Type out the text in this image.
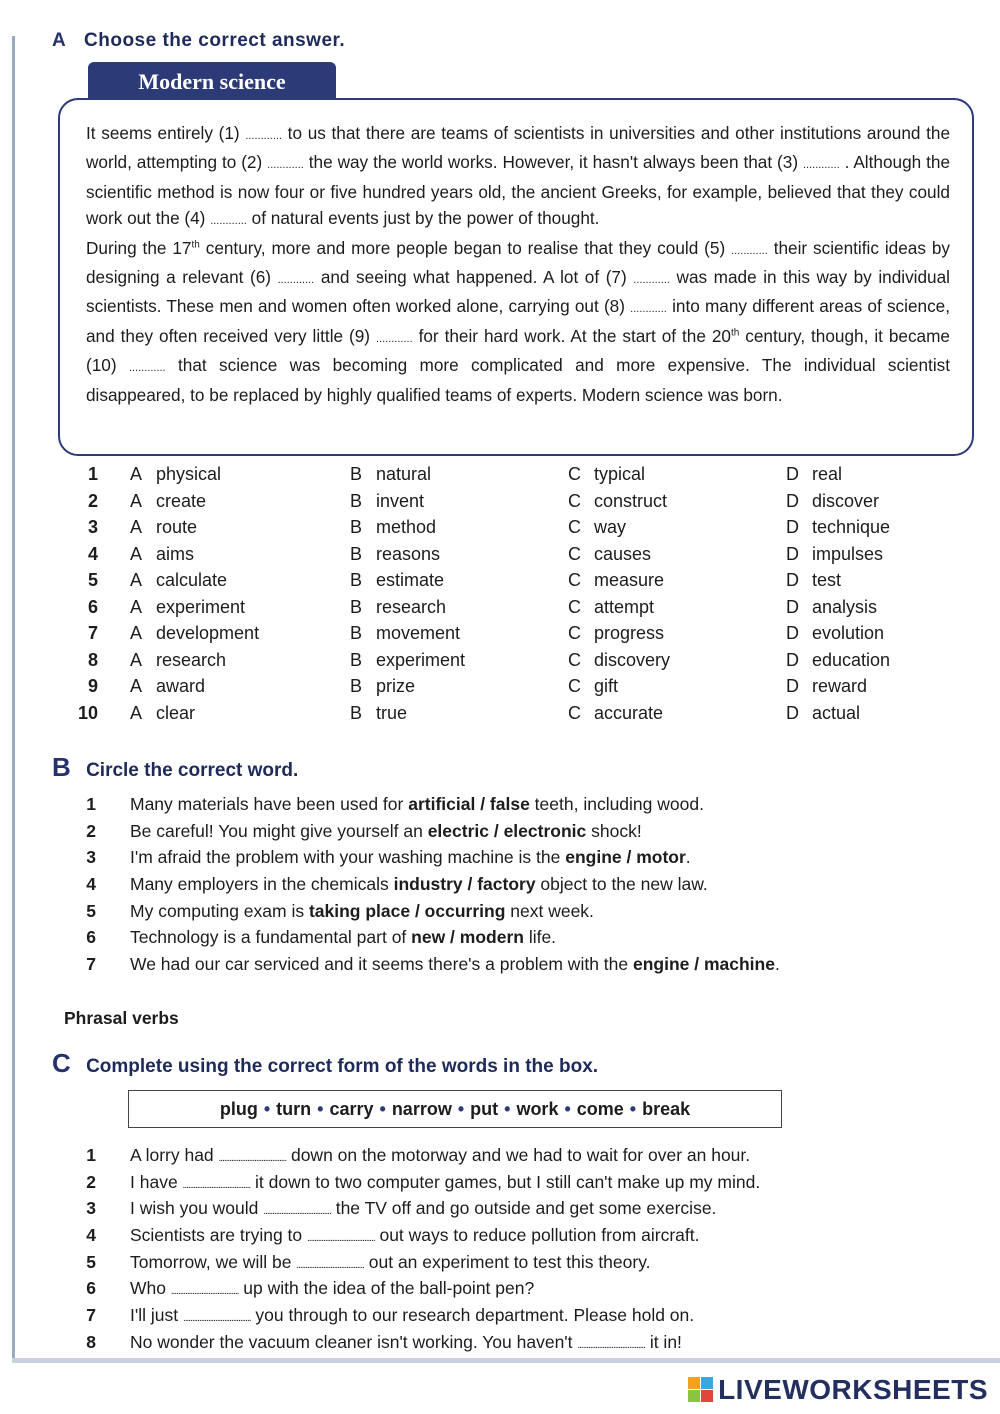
A Choose the correct answer.
Modern science

It seems entirely (1) ............ to us that there are teams of scientists in universities and other institutions around the world, attempting to (2) ............ the way the world works. However, it hasn't always been that (3) ............ . Although the scientific method is now four or five hundred years old, the ancient Greeks, for example, believed that they could work out the (4) ............ of natural events just by the power of thought.

During the 17th century, more and more people began to realise that they could (5) ............ their scientific ideas by designing a relevant (6) ............ and seeing what happened. A lot of (7) ............ was made in this way by individual scientists. These men and women often worked alone, carrying out (8) ............ into many different areas of science, and they often received very little (9) ............ for their hard work. At the start of the 20th century, though, it became (10) ............ that science was becoming more complicated and more expensive. The individual scientist disappeared, to be replaced by highly qualified teams of experts. Modern science was born.

1 A physical	B natural	C typical	D real
2 A create	B invent	C construct	D discover
3 A route	B method	C way	D technique
4 A aims	B reasons	C causes	D impulses
5 A calculate	B estimate	C measure	D test
6 A experiment	B research	C attempt	D analysis
7 A development	B movement	C progress	D evolution
8 A research	B experiment	C discovery	D education
9 A award	B prize	C gift	D reward
10 A clear	B true	C accurate	D actual
B Circle the correct word.
1 Many materials have been used for artificial / false teeth, including wood.
2 Be careful! You might give yourself an electric / electronic shock!
3 I'm afraid the problem with your washing machine is the engine / motor.
4 Many employers in the chemicals industry / factory object to the new law.
5 My computing exam is taking place / occurring next week.
6 Technology is a fundamental part of new / modern life.
7 We had our car serviced and it seems there's a problem with the engine / machine.
Phrasal verbs
C Complete using the correct form of the words in the box.
plug • turn • carry • narrow • put • work • come • break
1 A lorry had ...................................... down on the motorway and we had to wait for over an hour.
2 I have ...................................... it down to two computer games, but I still can't make up my mind.
3 I wish you would ...................................... the TV off and go outside and get some exercise.
4 Scientists are trying to ...................................... out ways to reduce pollution from aircraft.
5 Tomorrow, we will be ...................................... out an experiment to test this theory.
6 Who ...................................... up with the idea of the ball-point pen?
7 I'll just ...................................... you through to our research department. Please hold on.
8 No wonder the vacuum cleaner isn't working. You haven't ...................................... it in!
LIVEWORKSHEETS
